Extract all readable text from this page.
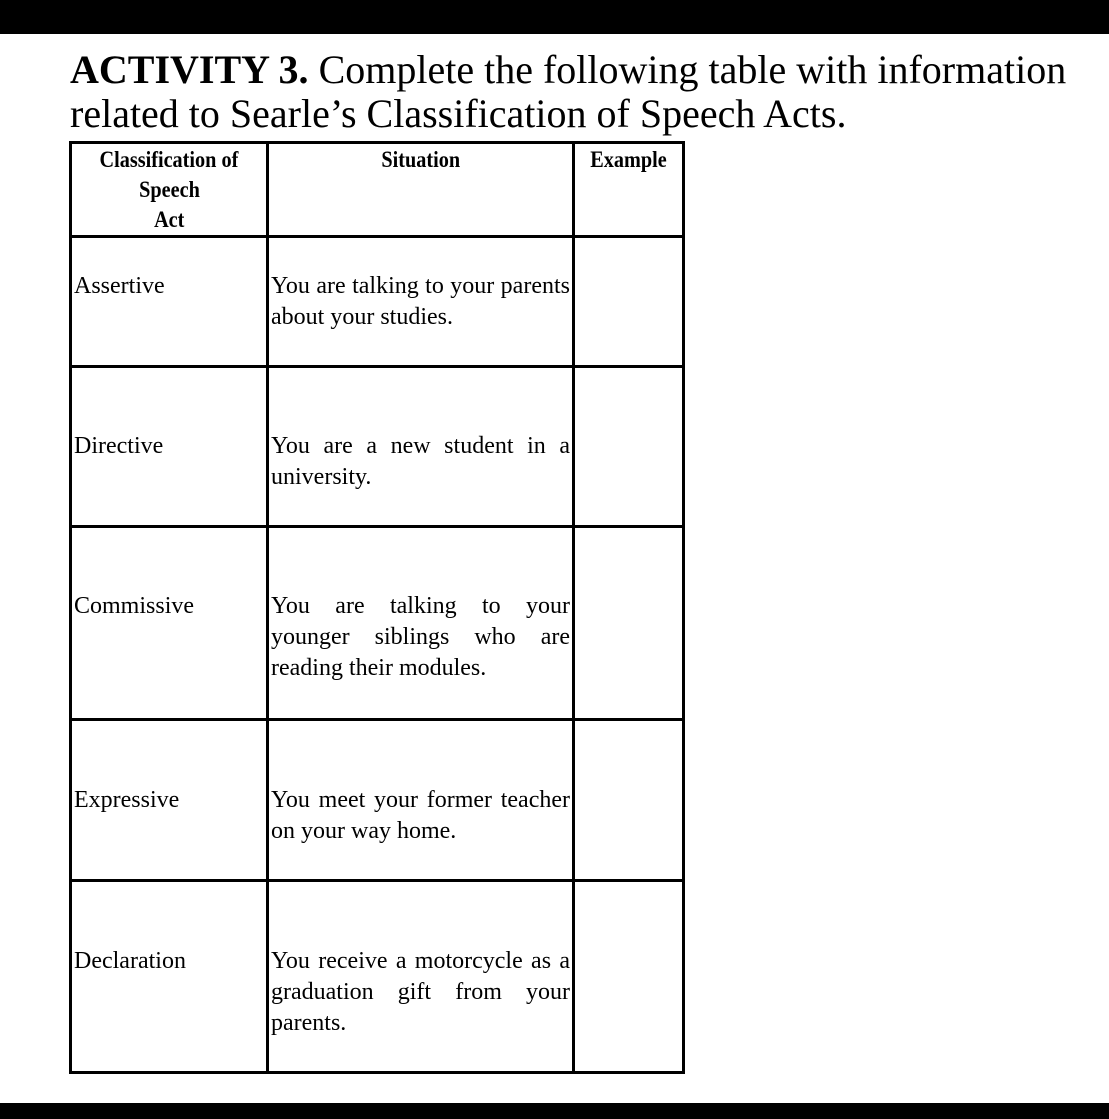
ACTIVITY 3. Complete the following table with information
related to Searle’s Classification of Speech Acts.
Classification of
Speech
Act	Situation	Example
Assertive	You are talking to your parents about your studies.	
Directive	You are a new student in a university.	
Commissive	You are talking to your younger siblings who are reading their modules.	
Expressive	You meet your former teacher on your way home.	
Declaration	You receive a motorcycle as a graduation gift from your parents.	
